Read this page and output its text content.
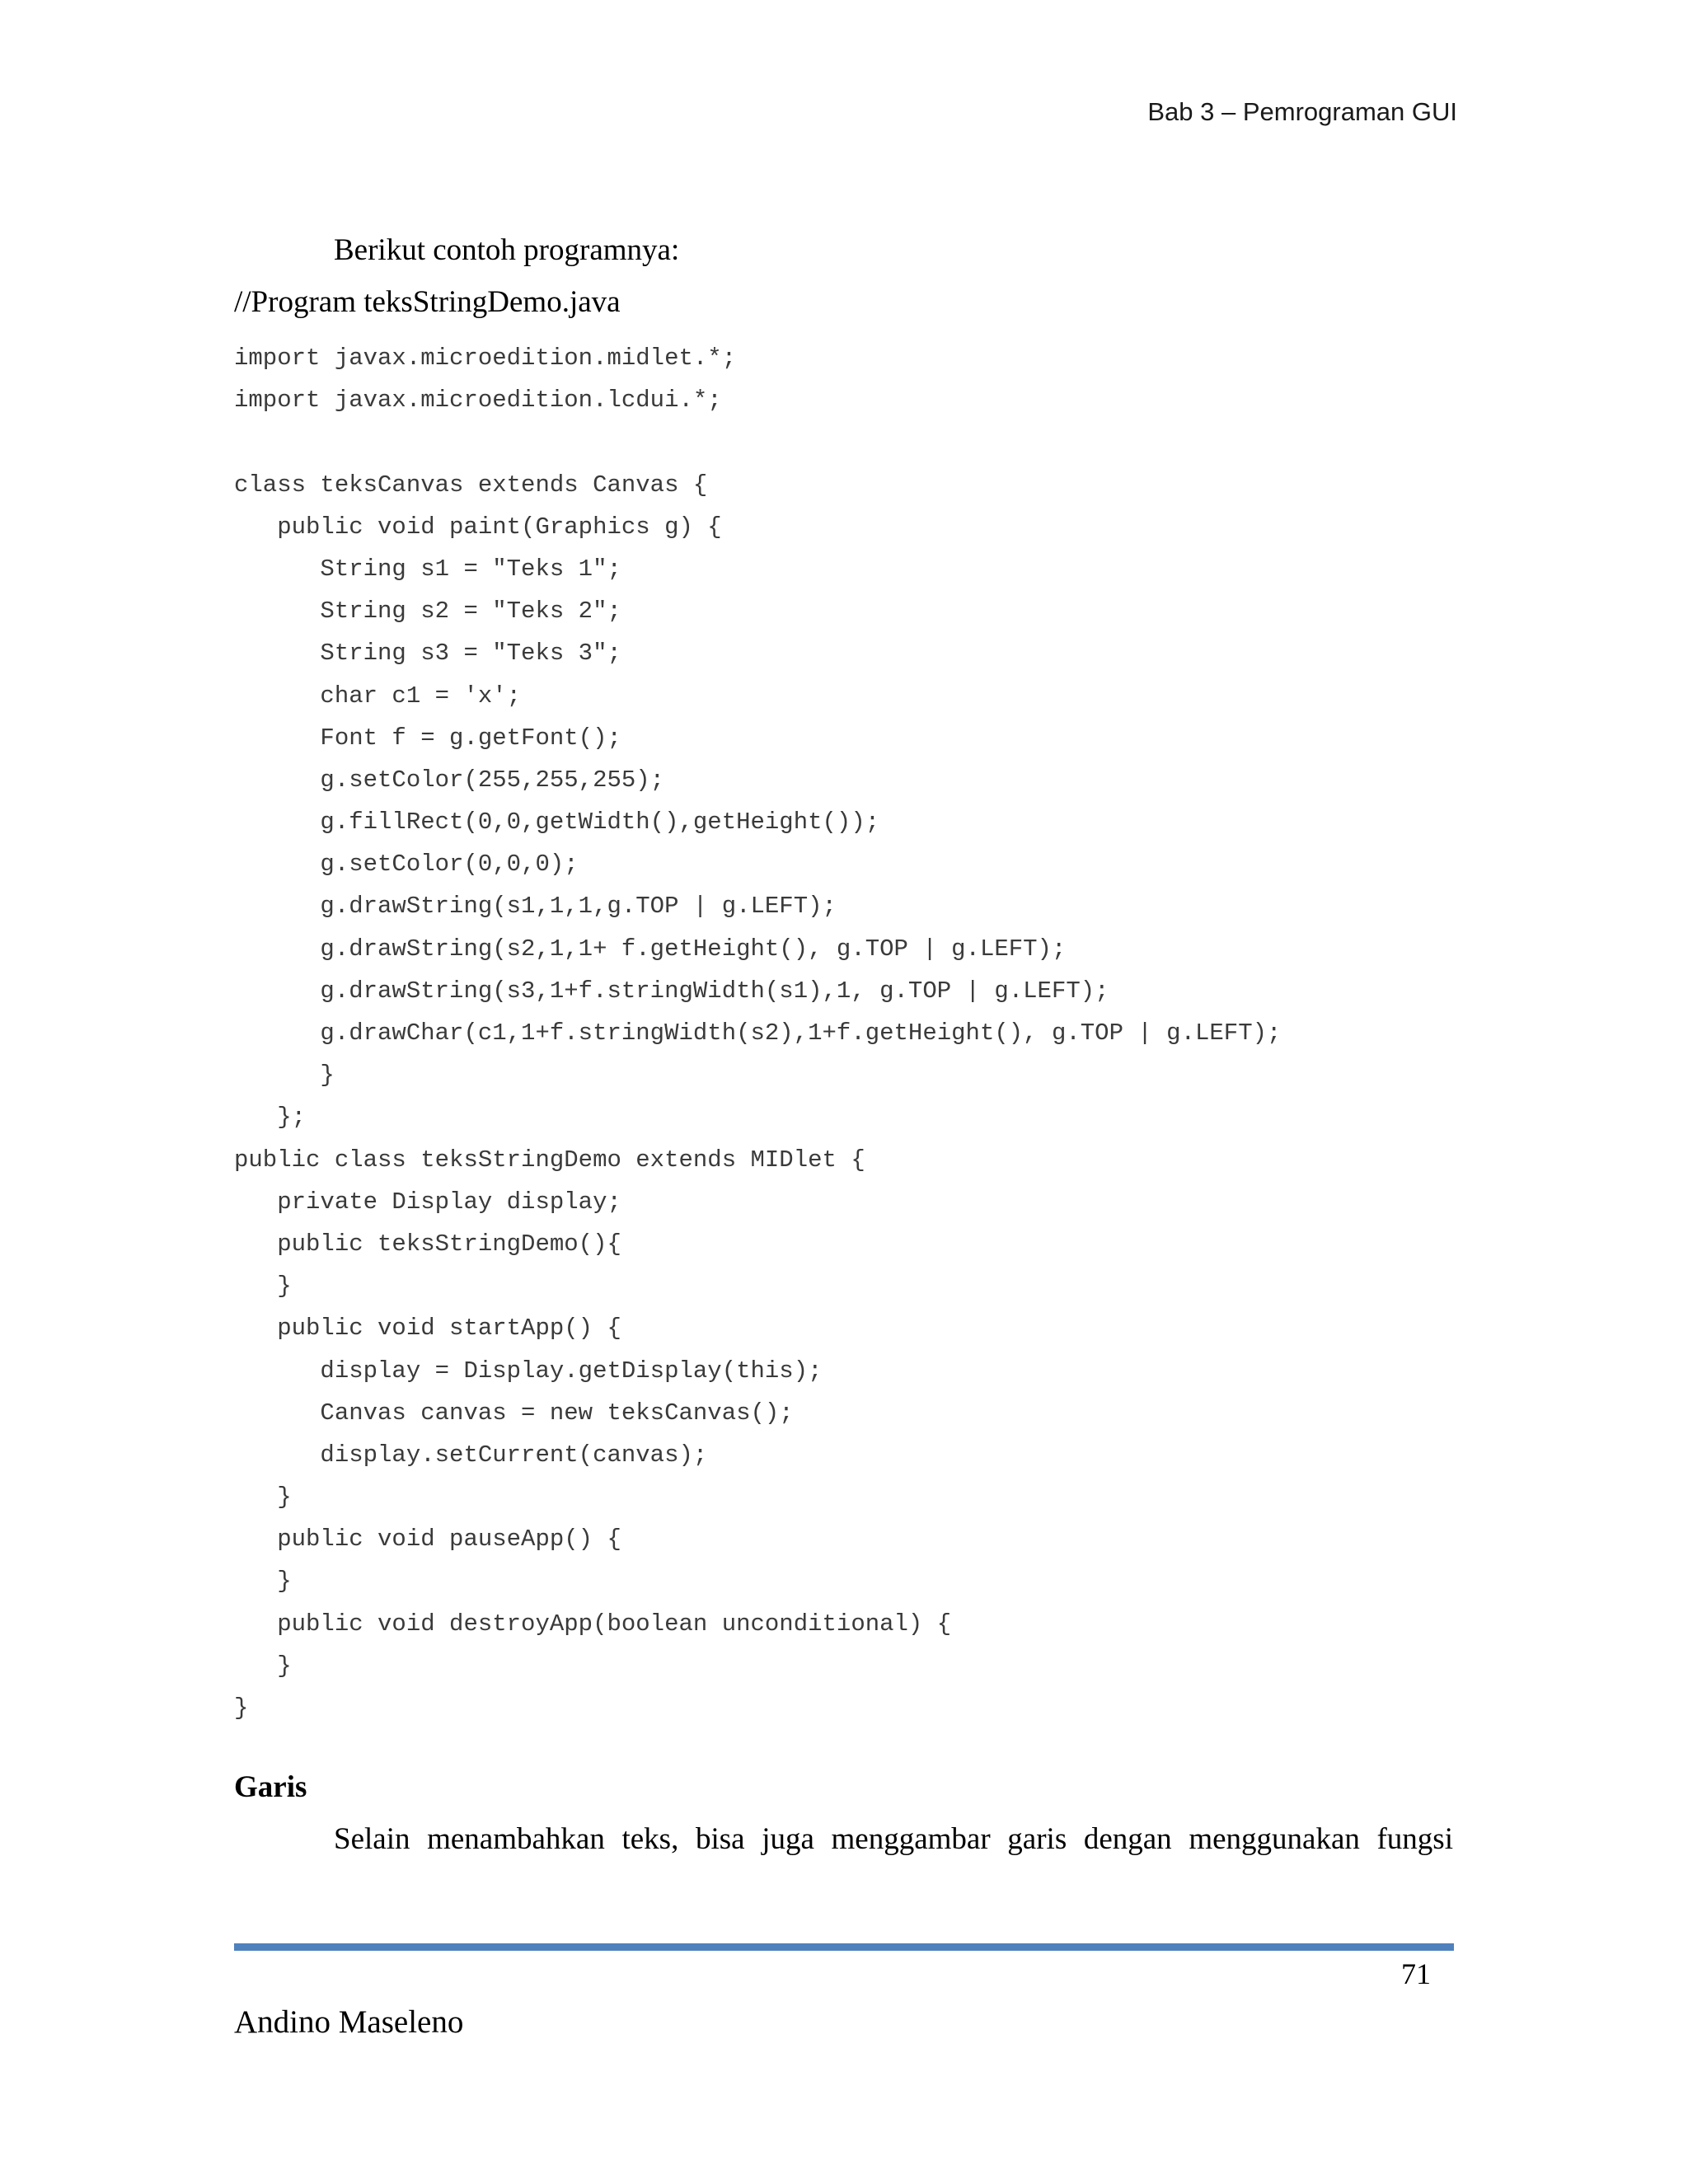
Bab 3 – Pemrograman GUI
Berikut contoh programnya:
//Program teksStringDemo.java
import javax.microedition.midlet.*;
import javax.microedition.lcdui.*;
class teksCanvas extends Canvas {
public void paint(Graphics g) {
String s1 = "Teks 1";
String s2 = "Teks 2";
String s3 = "Teks 3";
char c1 = 'x';
Font f = g.getFont();
g.setColor(255,255,255);
g.fillRect(0,0,getWidth(),getHeight());
g.setColor(0,0,0);
g.drawString(s1,1,1,g.TOP | g.LEFT);
g.drawString(s2,1,1+ f.getHeight(), g.TOP | g.LEFT);
g.drawString(s3,1+f.stringWidth(s1),1, g.TOP | g.LEFT);
g.drawChar(c1,1+f.stringWidth(s2),1+f.getHeight(), g.TOP | g.LEFT);
}
};
public class teksStringDemo extends MIDlet {
private Display display;
public teksStringDemo(){
}
public void startApp() {
display = Display.getDisplay(this);
Canvas canvas = new teksCanvas();
display.setCurrent(canvas);
}
public void pauseApp() {
}
public void destroyApp(boolean unconditional) {
}
}
Garis
Selain menambahkan teks, bisa juga menggambar garis dengan menggunakan fungsi
71
Andino Maseleno
